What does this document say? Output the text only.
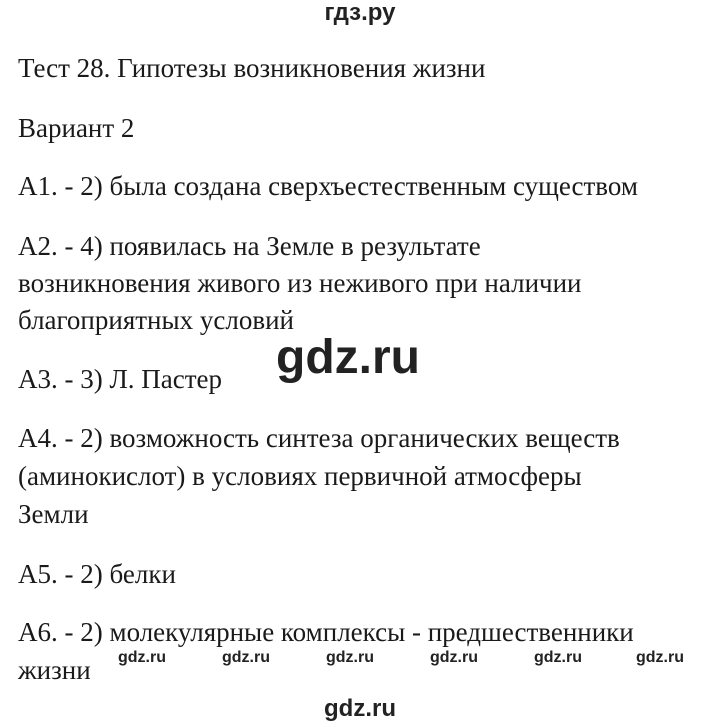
гдз.ру
Тест 28. Гипотезы возникновения жизни
Вариант 2
А1. - 2) была создана сверхъестественным существом
А2. - 4) появилась на Земле в результате
возникновения живого из неживого при наличии
благоприятных условий
А3. - 3) Л. Пастер
А4. - 2) возможность синтеза органических веществ
(аминокислот) в условиях первичной атмосферы
Земли
А5. - 2) белки
А6. - 2) молекулярные комплексы - предшественники
жизни
gdz.ru
gdz.ru	gdz.ru	gdz.ru	gdz.ru	gdz.ru	gdz.ru
gdz.ru
